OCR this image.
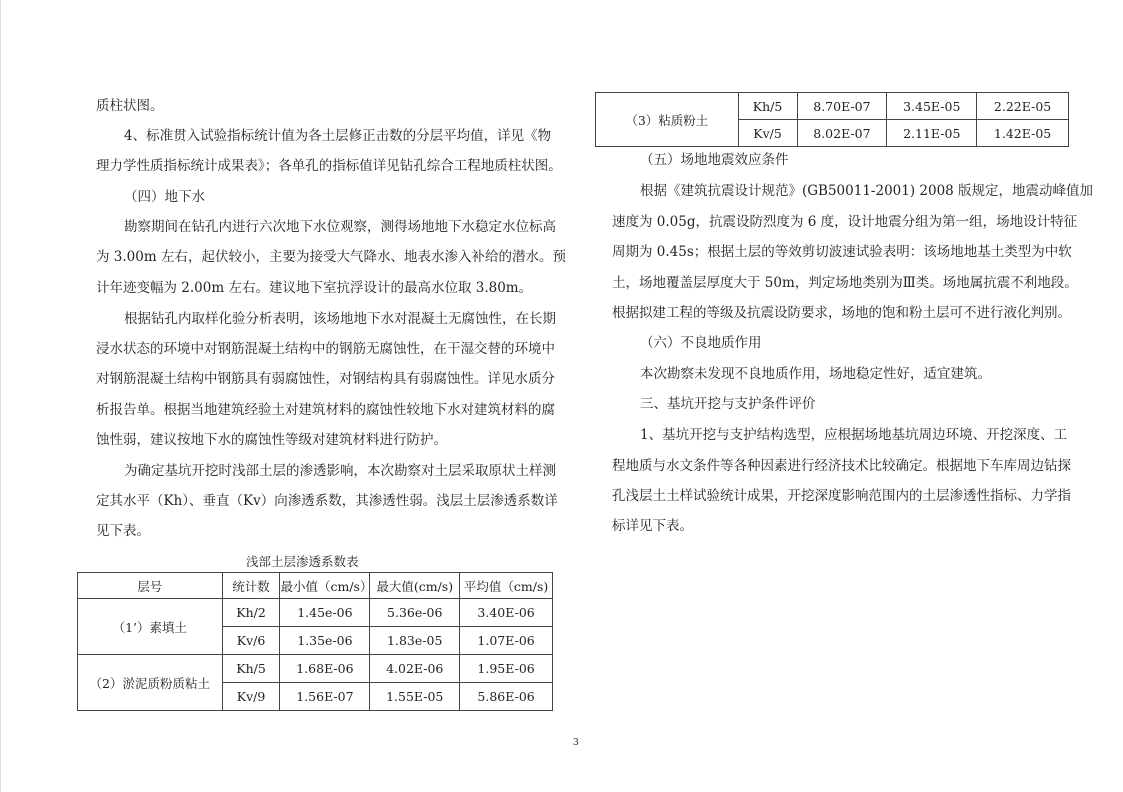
质柱状图。
4、标准贯入试验指标统计值为各土层修正击数的分层平均值，详见《物
理力学性质指标统计成果表》；各单孔的指标值详见钻孔综合工程地质柱状图。
（四）地下水
勘察期间在钻孔内进行六次地下水位观察，测得场地地下水稳定水位标高
为 3.00m 左右，起伏较小，主要为接受大气降水、地表水渗入补给的潜水。预
计年迹变幅为 2.00m 左右。建议地下室抗浮设计的最高水位取 3.80m。
根据钻孔内取样化验分析表明，该场地地下水对混凝土无腐蚀性，在长期
浸水状态的环境中对钢筋混凝土结构中的钢筋无腐蚀性，在干湿交替的环境中
对钢筋混凝土结构中钢筋具有弱腐蚀性，对钢结构具有弱腐蚀性。详见水质分
析报告单。根据当地建筑经验土对建筑材料的腐蚀性较地下水对建筑材料的腐
蚀性弱，建议按地下水的腐蚀性等级对建筑材料进行防护。
为确定基坑开挖时浅部土层的渗透影响，本次勘察对土层采取原状土样测
定其水平（Kh）、垂直（Kv）向渗透系数，其渗透性弱。浅层土层渗透系数详
见下表。
浅部土层渗透系数表
层号	统计数	最小值（cm/s）	最大值(cm/s)	平均值（cm/s)
（1’）素填土	Kh/2	1.45e-06	5.36e-06	3.40E-06
	Kv/6	1.35e-06	1.83e-05	1.07E-06
（2）淤泥质粉质粘土	Kh/5	1.68E-06	4.02E-06	1.95E-06
	Kv/9	1.56E-07	1.55E-05	5.86E-06
（3）粘质粉土	Kh/5	8.70E-07	3.45E-05	2.22E-05
	Kv/5	8.02E-07	2.11E-05	1.42E-05
（五）场地地震效应条件
根据《建筑抗震设计规范》(GB50011-2001) 2008 版规定，地震动峰值加
速度为 0.05g，抗震设防烈度为 6 度，设计地震分组为第一组，场地设计特征
周期为 0.45s；根据土层的等效剪切波速试验表明：该场地地基土类型为中软
土，场地覆盖层厚度大于 50m，判定场地类别为Ⅲ类。场地属抗震不利地段。
根据拟建工程的等级及抗震设防要求，场地的饱和粉土层可不进行液化判别。
（六）不良地质作用
本次勘察未发现不良地质作用，场地稳定性好，适宜建筑。
三、基坑开挖与支护条件评价
1、基坑开挖与支护结构选型，应根据场地基坑周边环境、开挖深度、工
程地质与水文条件等各种因素进行经济技术比较确定。根据地下车库周边钻探
孔浅层土土样试验统计成果，开挖深度影响范围内的土层渗透性指标、力学指
标详见下表。
3
